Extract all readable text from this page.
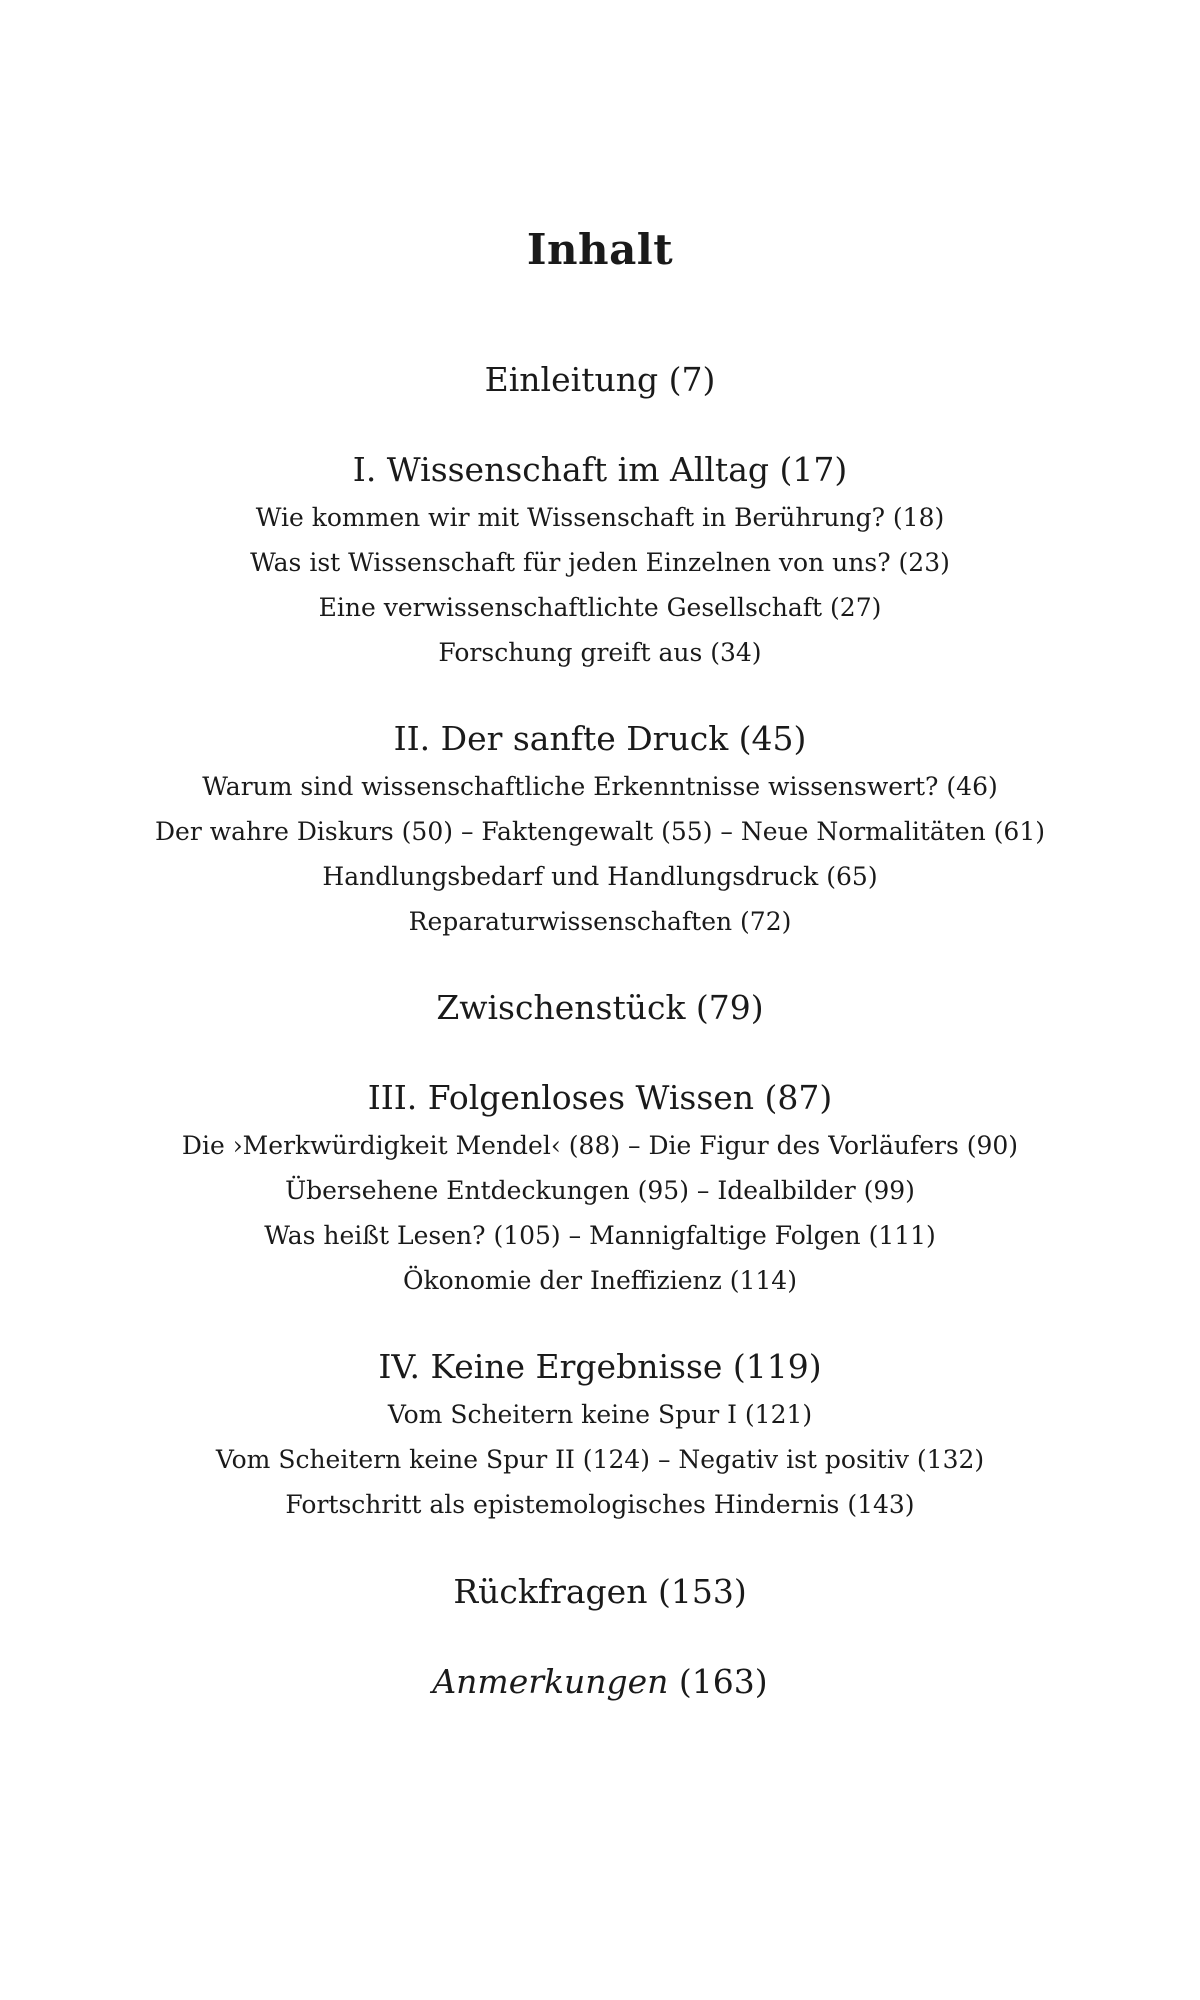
Inhalt
Einleitung (7)
I. Wissenschaft im Alltag (17)
Wie kommen wir mit Wissenschaft in Berührung? (18)
Was ist Wissenschaft für jeden Einzelnen von uns? (23)
Eine verwissenschaftlichte Gesellschaft (27)
Forschung greift aus (34)
II. Der sanfte Druck (45)
Warum sind wissenschaftliche Erkenntnisse wissenswert? (46)
Der wahre Diskurs (50) – Faktengewalt (55) – Neue Normalitäten (61)
Handlungsbedarf und Handlungsdruck (65)
Reparaturwissenschaften (72)
Zwischenstück (79)
III. Folgenloses Wissen (87)
Die ›Merkwürdigkeit Mendel‹ (88) – Die Figur des Vorläufers (90)
Übersehene Entdeckungen (95) – Idealbilder (99)
Was heißt Lesen? (105) – Mannigfaltige Folgen (111)
Ökonomie der Ineffizienz (114)
IV. Keine Ergebnisse (119)
Vom Scheitern keine Spur I (121)
Vom Scheitern keine Spur II (124) – Negativ ist positiv (132)
Fortschritt als epistemologisches Hindernis (143)
Rückfragen (153)
Anmerkungen (163)
